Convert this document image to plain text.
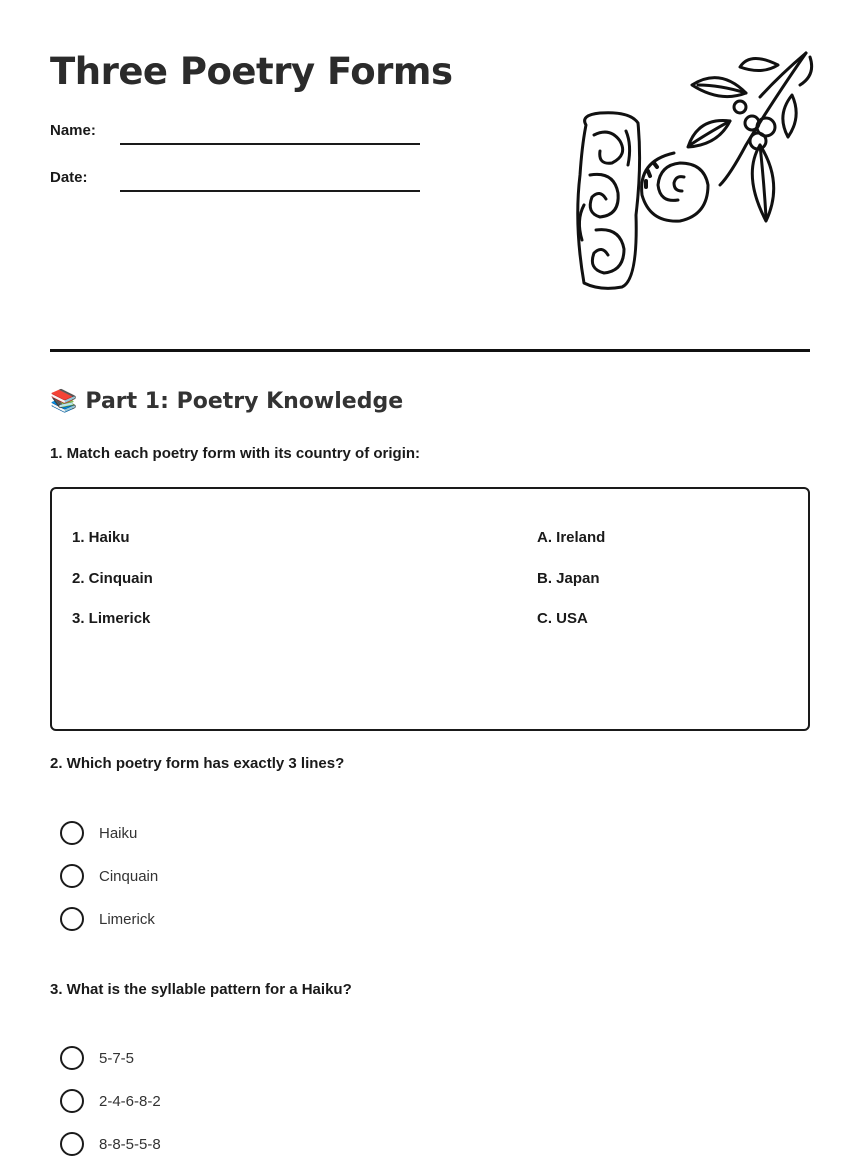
Three Poetry Forms
Name:
Date:
📚 Part 1: Poetry Knowledge
1. Match each poetry form with its country of origin:
1. Haiku
2. Cinquain
3. Limerick
A. Ireland
B. Japan
C. USA
2. Which poetry form has exactly 3 lines?
Haiku
Cinquain
Limerick
3. What is the syllable pattern for a Haiku?
5-7-5
2-4-6-8-2
8-8-5-5-8
